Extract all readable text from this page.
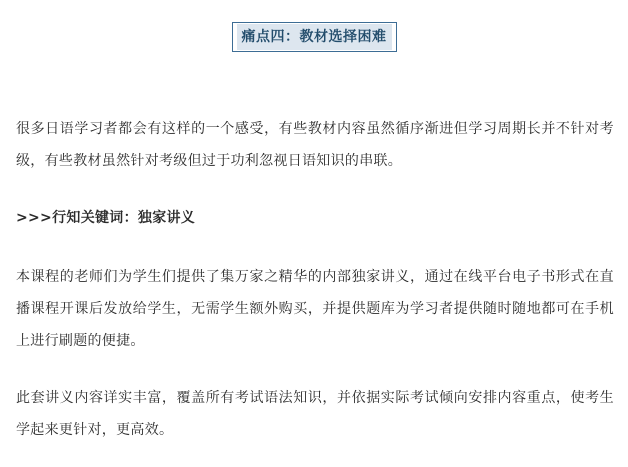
痛点四：教材选择困难

很多日语学习者都会有这样的一个感受，有些教材内容虽然循序渐进但学习周期长并不针对考级，有些教材虽然针对考级但过于功利忽视日语知识的串联。

>>>行知关键词：独家讲义

本课程的老师们为学生们提供了集万家之精华的内部独家讲义，通过在线平台电子书形式在直播课程开课后发放给学生，无需学生额外购买，并提供题库为学习者提供随时随地都可在手机上进行刷题的便捷。

此套讲义内容详实丰富，覆盖所有考试语法知识，并依据实际考试倾向安排内容重点，使考生学起来更针对，更高效。
